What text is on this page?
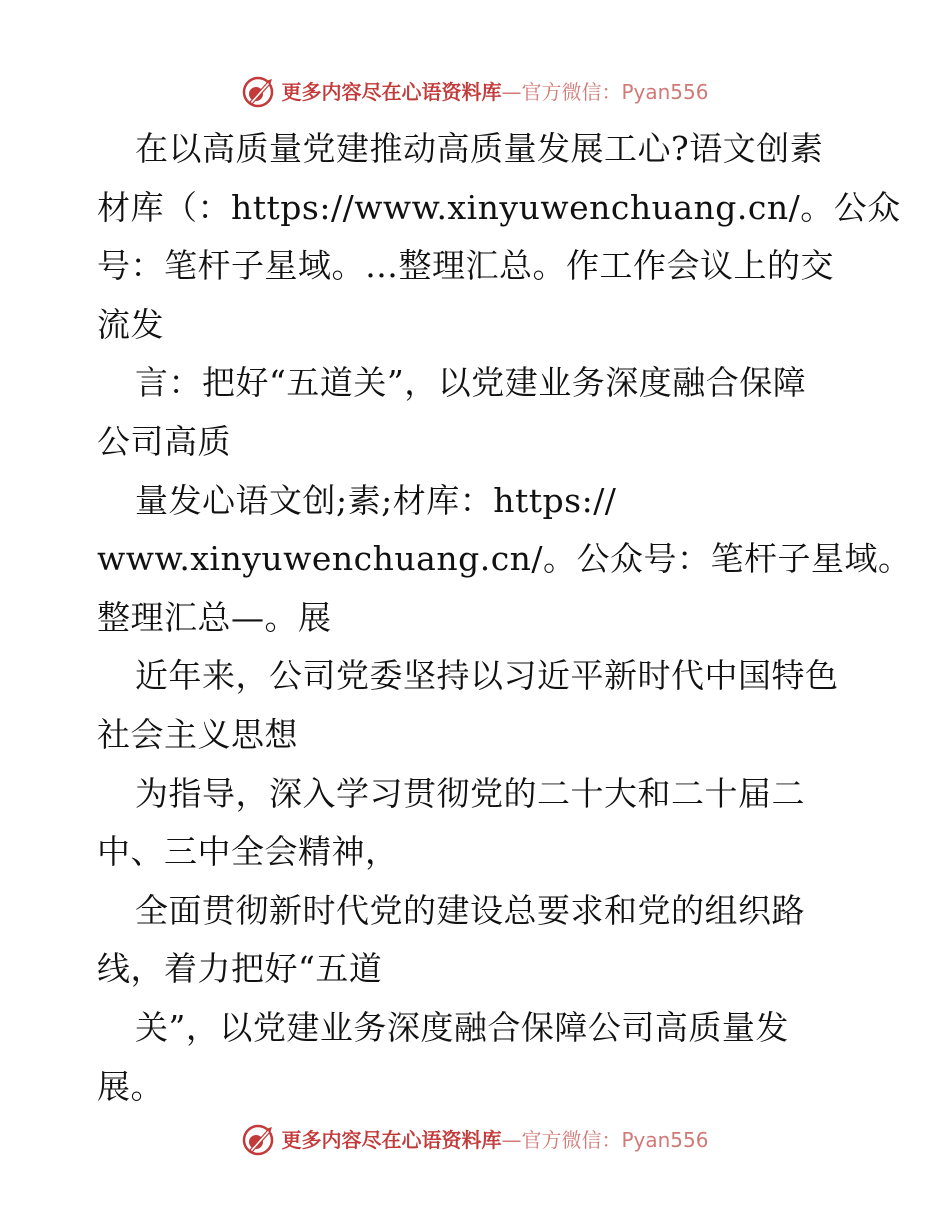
更多内容尽在心语资料库 —官方微信：Pyan556
在以高质量党建推动高质量发展工心?语文创素
材库（：https://www.xinyuwenchuang.cn/。公众
号：笔杆子星域。…整理汇总。作工作会议上的交
流发
言：把好“五道关”，以党建业务深度融合保障
公司高质
量发心语文创;素;材库：https://
www.xinyuwenchuang.cn/。公众号：笔杆子星域。
整理汇总—。展
近年来，公司党委坚持以习近平新时代中国特色
社会主义思想
为指导，深入学习贯彻党的二十大和二十届二
中、三中全会精神，
全面贯彻新时代党的建设总要求和党的组织路
线，着力把好“五道
关”，以党建业务深度融合保障公司高质量发
展。
更多内容尽在心语资料库 —官方微信：Pyan556
